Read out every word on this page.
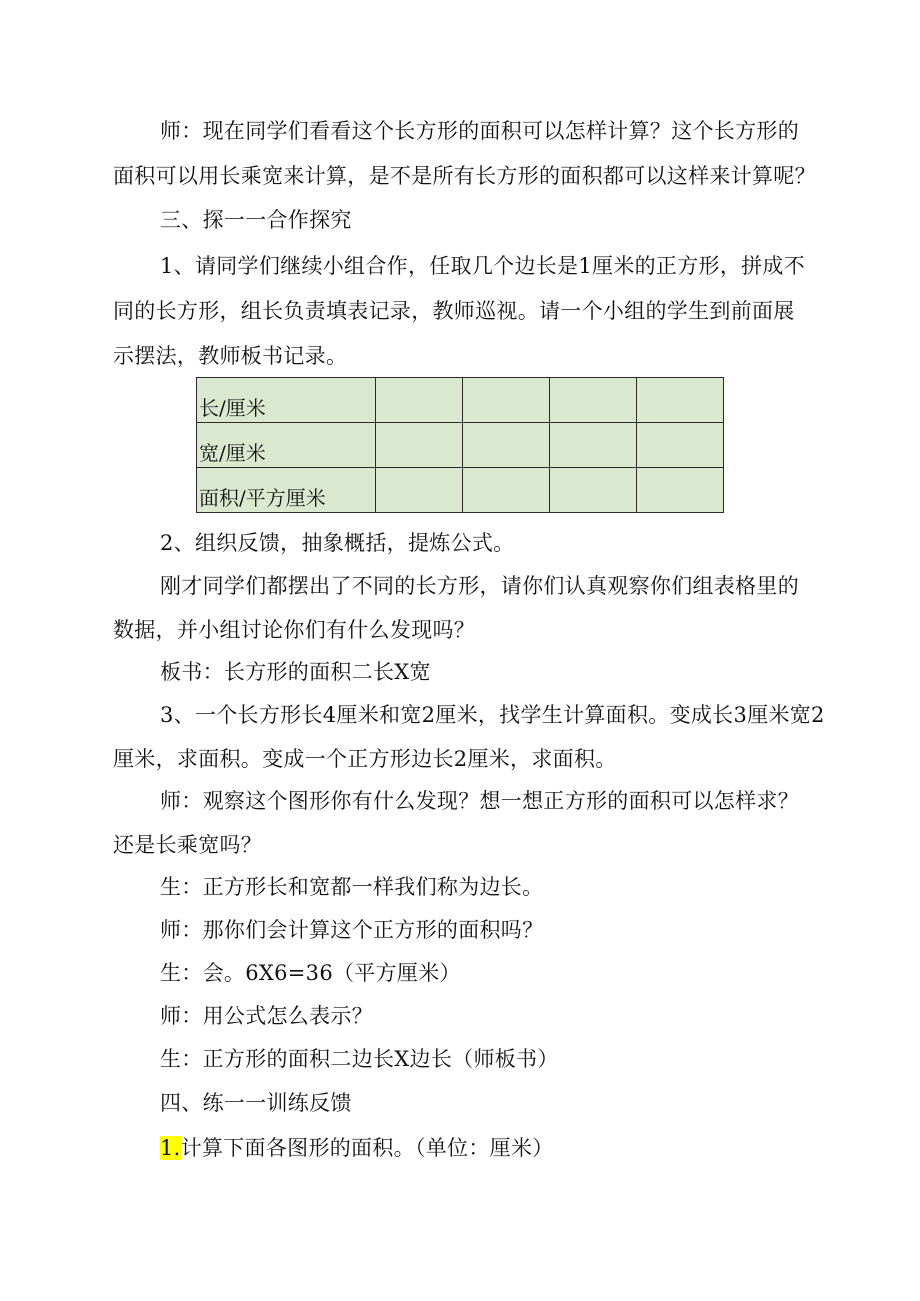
师：现在同学们看看这个长方形的面积可以怎样计算？这个长方形的
面积可以用长乘宽来计算，是不是所有长方形的面积都可以这样来计算呢？
三、探一一合作探究
1、请同学们继续小组合作，任取几个边长是1厘米的正方形，拼成不
同的长方形，组长负责填表记录，教师巡视。请一个小组的学生到前面展
示摆法，教师板书记录。
长/厘米				
宽/厘米				
面积/平方厘米				
2、组织反馈，抽象概括，提炼公式。
刚才同学们都摆出了不同的长方形，请你们认真观察你们组表格里的
数据，并小组讨论你们有什么发现吗？
板书：长方形的面积二长X宽
3、一个长方形长4厘米和宽2厘米，找学生计算面积。变成长3厘米宽2
厘米，求面积。变成一个正方形边长2厘米，求面积。
师：观察这个图形你有什么发现？想一想正方形的面积可以怎样求？
还是长乘宽吗？
生：正方形长和宽都一样我们称为边长。
师：那你们会计算这个正方形的面积吗？
生：会。6X6=36（平方厘米）
师：用公式怎么表示？
生：正方形的面积二边长X边长（师板书）
四、练一一训练反馈
1.计算下面各图形的面积。（单位：厘米）
